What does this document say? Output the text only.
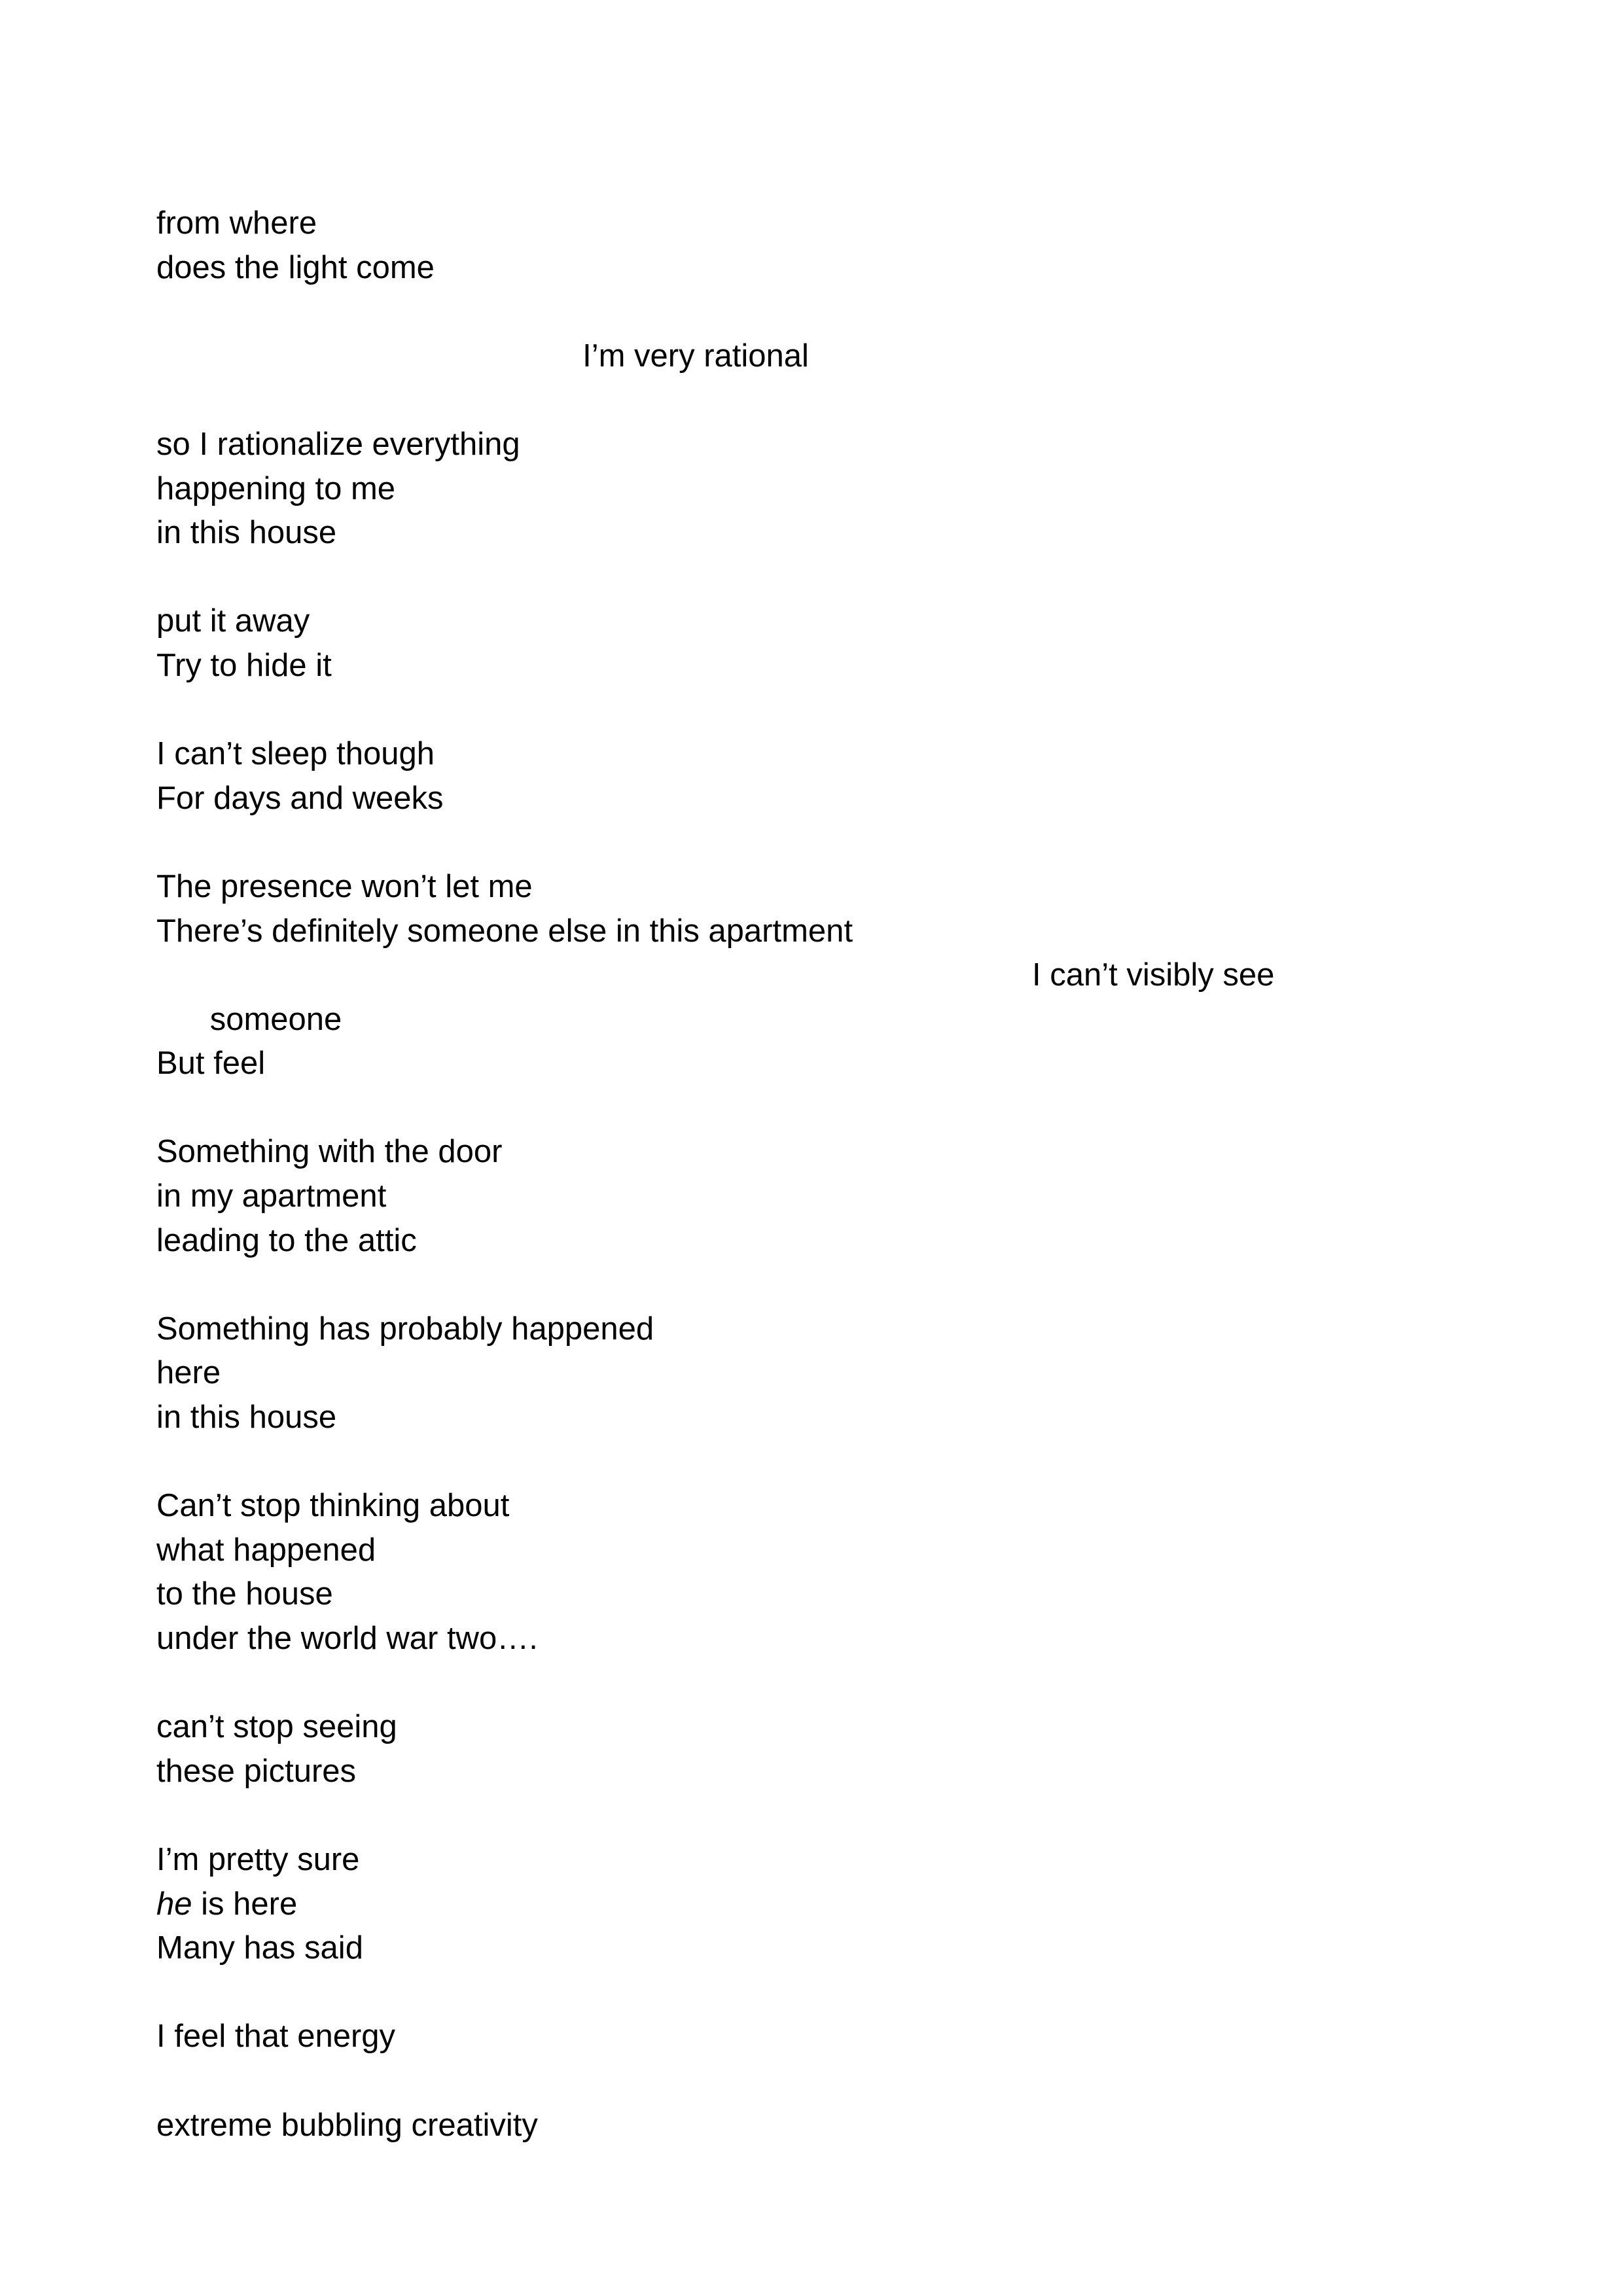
from where
does the light come
I’m very rational
so I rationalize everything
happening to me
in this house
put it away
Try to hide it
I can’t sleep though
For days and weeks
The presence won’t let me
There’s definitely someone else in this apartment

someone

I can’t visibly see

But feel
Something with the door
in my apartment
leading to the attic
Something has probably happened
here
in this house
Can’t stop thinking about
what happened
to the house
under the world war two….
can’t stop seeing
these pictures
I’m pretty sure
he is here
Many has said
I feel that energy
extreme bubbling creativity
